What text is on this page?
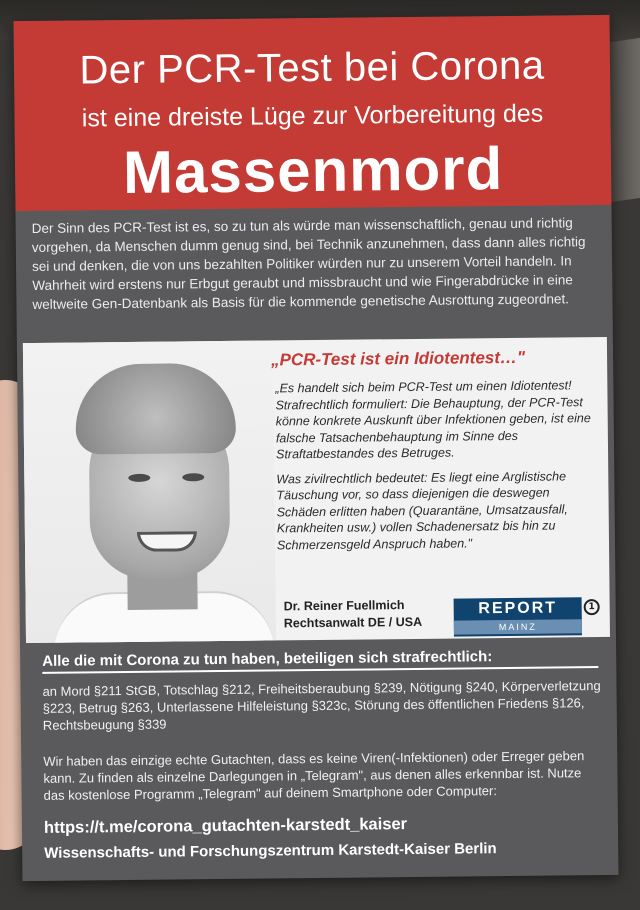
Der PCR-Test bei Corona
ist eine dreiste Lüge zur Vorbereitung des
Massenmord
Der Sinn des PCR-Test ist es, so zu tun als würde man wissenschaftlich, genau und richtig vorgehen, da Menschen dumm genug sind, bei Technik anzunehmen, dass dann alles richtig sei und denken, die von uns bezahlten Politiker würden nur zu unserem Vorteil handeln. In Wahrheit wird erstens nur Erbgut geraubt und missbraucht und wie Fingerabdrücke in eine weltweite Gen-Datenbank als Basis für die kommende genetische Ausrottung zugeordnet.
„PCR-Test ist ein Idiotentest…"

„Es handelt sich beim PCR-Test um einen Idiotentest! Strafrechtlich formuliert: Die Behauptung, der PCR-Test könne konkrete Auskunft über Infektionen geben, ist eine falsche Tatsachenbehauptung im Sinne des Straftatbestandes des Betruges.

Was zivilrechtlich bedeutet: Es liegt eine Arglistische Täuschung vor, so dass diejenigen die deswegen Schäden erlitten haben (Quarantäne, Umsatzausfall, Krankheiten usw.) vollen Schadenersatz bis hin zu Schmerzensgeld Anspruch haben."

Dr. Reiner Fuellmich
Rechtsanwalt DE / USA
REPORT
MAINZ
1
Alle die mit Corona zu tun haben, beteiligen sich strafrechtlich:
an Mord §211 StGB, Totschlag §212, Freiheitsberaubung §239, Nötigung §240, Körperverletzung §223, Betrug §263, Unterlassene Hilfeleistung §323c, Störung des öffentlichen Friedens §126, Rechtsbeugung §339
Wir haben das einzige echte Gutachten, dass es keine Viren(-Infektionen) oder Erreger geben kann. Zu finden als einzelne Darlegungen in „Telegram", aus denen alles erkennbar ist. Nutze das kostenlose Programm „Telegram" auf deinem Smartphone oder Computer:
https://t.me/corona_gutachten-karstedt_kaiser
Wissenschafts- und Forschungszentrum Karstedt-Kaiser Berlin
